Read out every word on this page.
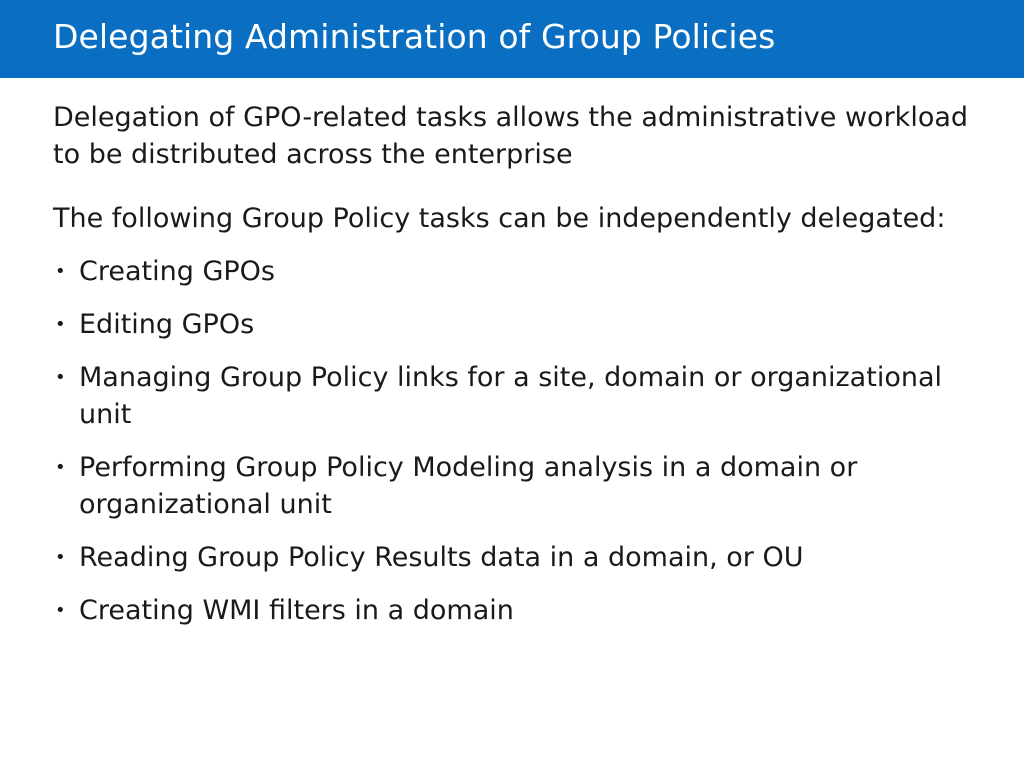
Delegating Administration of Group Policies

Delegation of GPO-related tasks allows the administrative workload to be distributed across the enterprise

The following Group Policy tasks can be independently delegated:

• Creating GPOs
• Editing GPOs
• Managing Group Policy links for a site, domain or organizational unit
• Performing Group Policy Modeling analysis in a domain or organizational unit
• Reading Group Policy Results data in a domain, or OU
• Creating WMI filters in a domain
